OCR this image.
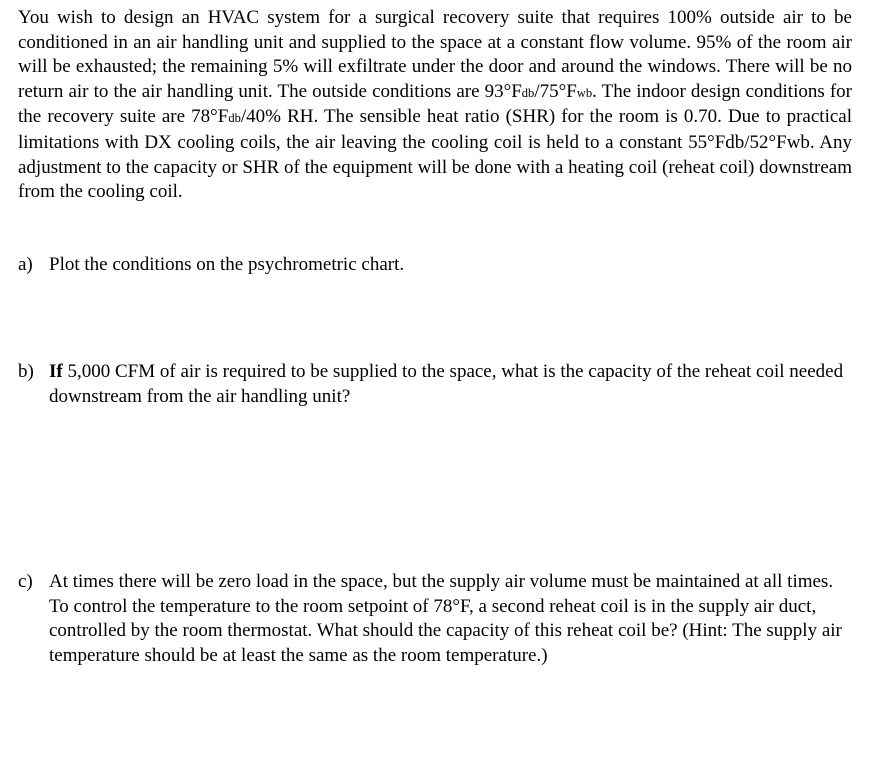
You wish to design an HVAC system for a surgical recovery suite that requires 100% outside air to be conditioned in an air handling unit and supplied to the space at a constant flow volume. 95% of the room air will be exhausted; the remaining 5% will exfiltrate under the door and around the windows. There will be no return air to the air handling unit. The outside conditions are 93°Fdb/75°Fwb. The indoor design conditions for the recovery suite are 78°Fdb/40% RH. The sensible heat ratio (SHR) for the room is 0.70. Due to practical limitations with DX cooling coils, the air leaving the cooling coil is held to a constant 55°Fdb/52°Fwb. Any adjustment to the capacity or SHR of the equipment will be done with a heating coil (reheat coil) downstream from the cooling coil.

a) Plot the conditions on the psychrometric chart.
b) If 5,000 CFM of air is required to be supplied to the space, what is the capacity of the reheat coil needed downstream from the air handling unit?
c) At times there will be zero load in the space, but the supply air volume must be maintained at all times. To control the temperature to the room setpoint of 78°F, a second reheat coil is in the supply air duct, controlled by the room thermostat. What should the capacity of this reheat coil be? (Hint: The supply air temperature should be at least the same as the room temperature.)
